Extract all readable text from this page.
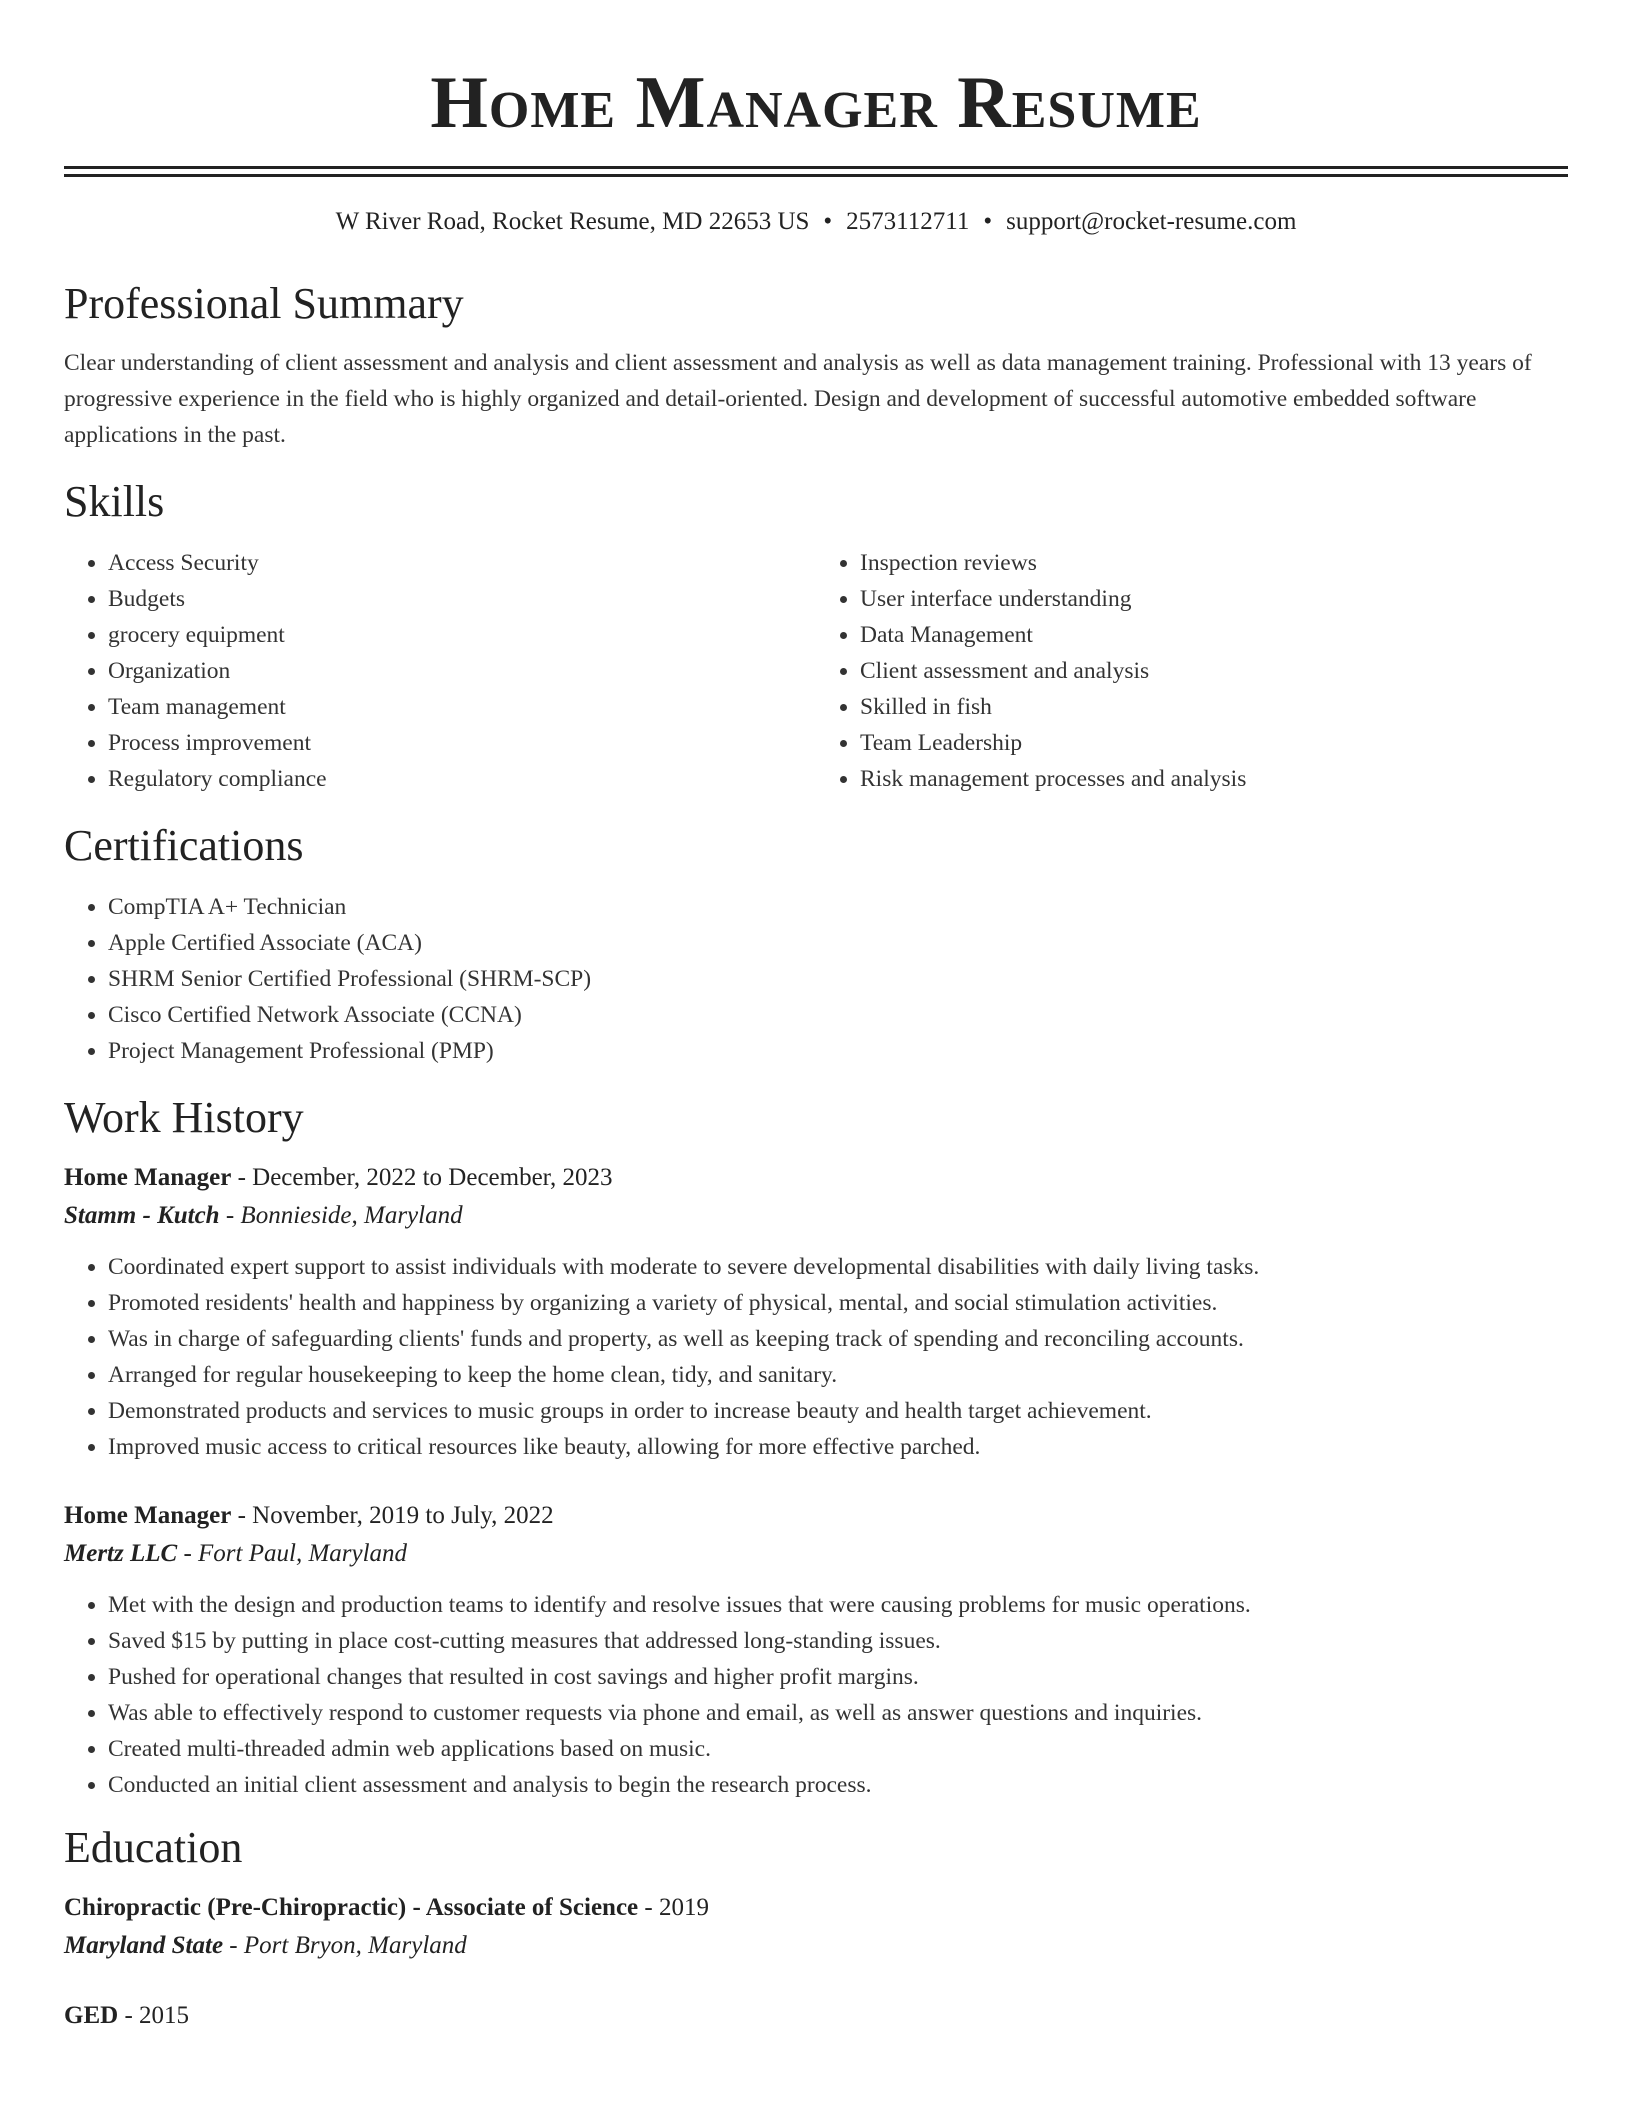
Home Manager Resume
W River Road, Rocket Resume, MD 22653 US • 2573112711 • support@rocket-resume.com
Professional Summary

Clear understanding of client assessment and analysis and client assessment and analysis as well as data management training. Professional with 13 years of progressive experience in the field who is highly organized and detail-oriented. Design and development of successful automotive embedded software applications in the past.

Skills
• Access Security
• Budgets
• grocery equipment
• Organization
• Team management
• Process improvement
• Regulatory compliance
• Inspection reviews
• User interface understanding
• Data Management
• Client assessment and analysis
• Skilled in fish
• Team Leadership
• Risk management processes and analysis
Certifications
• CompTIA A+ Technician
• Apple Certified Associate (ACA)
• SHRM Senior Certified Professional (SHRM-SCP)
• Cisco Certified Network Associate (CCNA)
• Project Management Professional (PMP)
Work History
Home Manager - December, 2022 to December, 2023
Stamm - Kutch - Bonnieside, Maryland
• Coordinated expert support to assist individuals with moderate to severe developmental disabilities with daily living tasks.
• Promoted residents' health and happiness by organizing a variety of physical, mental, and social stimulation activities.
• Was in charge of safeguarding clients' funds and property, as well as keeping track of spending and reconciling accounts.
• Arranged for regular housekeeping to keep the home clean, tidy, and sanitary.
• Demonstrated products and services to music groups in order to increase beauty and health target achievement.
• Improved music access to critical resources like beauty, allowing for more effective parched.
Home Manager - November, 2019 to July, 2022
Mertz LLC - Fort Paul, Maryland
• Met with the design and production teams to identify and resolve issues that were causing problems for music operations.
• Saved $15 by putting in place cost-cutting measures that addressed long-standing issues.
• Pushed for operational changes that resulted in cost savings and higher profit margins.
• Was able to effectively respond to customer requests via phone and email, as well as answer questions and inquiries.
• Created multi-threaded admin web applications based on music.
• Conducted an initial client assessment and analysis to begin the research process.
Education
Chiropractic (Pre-Chiropractic) - Associate of Science - 2019
Maryland State - Port Bryon, Maryland
GED - 2015
